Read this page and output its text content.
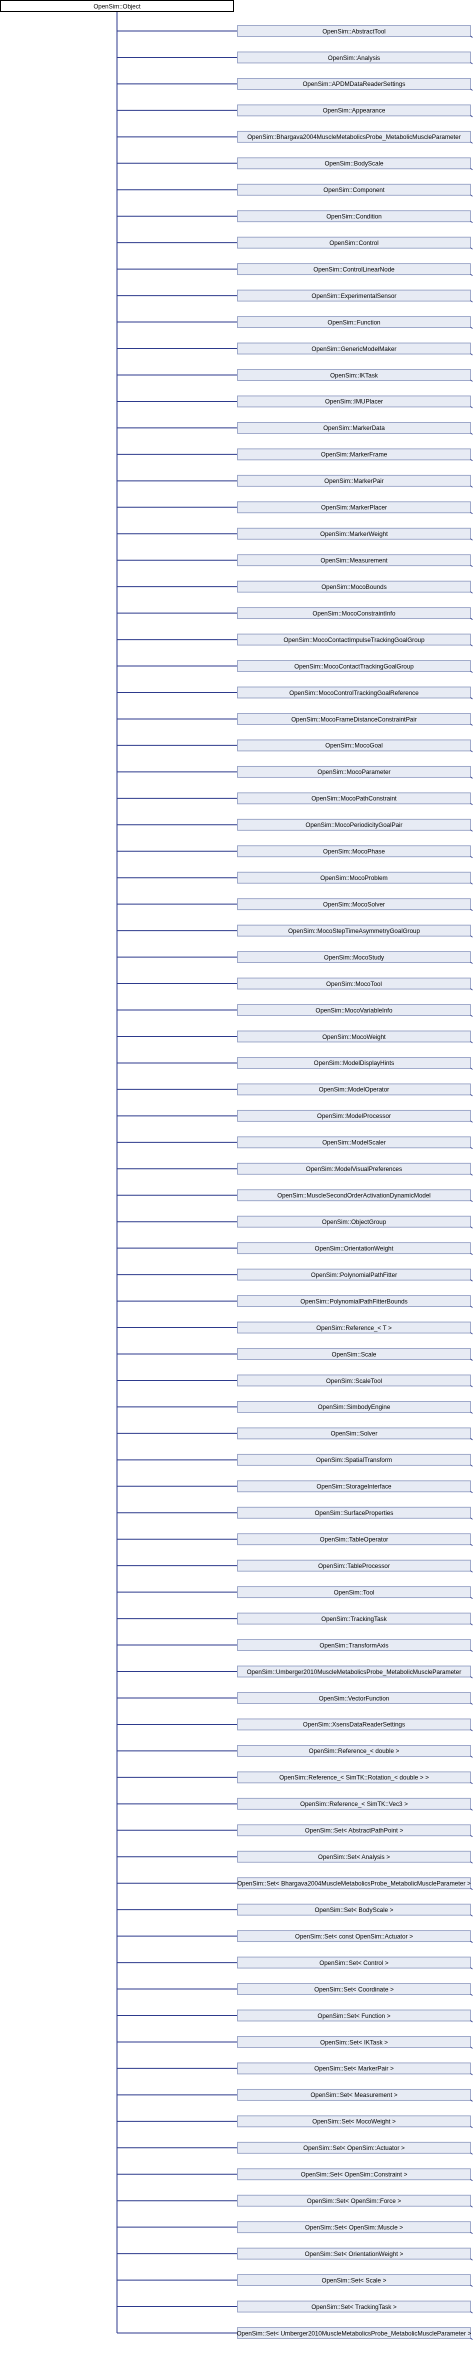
OpenSim::Object
OpenSim::AbstractTool
OpenSim::Analysis
OpenSim::APDMDataReaderSettings
OpenSim::Appearance
OpenSim::Bhargava2004MuscleMetabolicsProbe_MetabolicMuscleParameter
OpenSim::BodyScale
OpenSim::Component
OpenSim::Condition
OpenSim::Control
OpenSim::ControlLinearNode
OpenSim::ExperimentalSensor
OpenSim::Function
OpenSim::GenericModelMaker
OpenSim::IKTask
OpenSim::IMUPlacer
OpenSim::MarkerData
OpenSim::MarkerFrame
OpenSim::MarkerPair
OpenSim::MarkerPlacer
OpenSim::MarkerWeight
OpenSim::Measurement
OpenSim::MocoBounds
OpenSim::MocoConstraintInfo
OpenSim::MocoContactImpulseTrackingGoalGroup
OpenSim::MocoContactTrackingGoalGroup
OpenSim::MocoControlTrackingGoalReference
OpenSim::MocoFrameDistanceConstraintPair
OpenSim::MocoGoal
OpenSim::MocoParameter
OpenSim::MocoPathConstraint
OpenSim::MocoPeriodicityGoalPair
OpenSim::MocoPhase
OpenSim::MocoProblem
OpenSim::MocoSolver
OpenSim::MocoStepTimeAsymmetryGoalGroup
OpenSim::MocoStudy
OpenSim::MocoTool
OpenSim::MocoVariableInfo
OpenSim::MocoWeight
OpenSim::ModelDisplayHints
OpenSim::ModelOperator
OpenSim::ModelProcessor
OpenSim::ModelScaler
OpenSim::ModelVisualPreferences
OpenSim::MuscleSecondOrderActivationDynamicModel
OpenSim::ObjectGroup
OpenSim::OrientationWeight
OpenSim::PolynomialPathFitter
OpenSim::PolynomialPathFitterBounds
OpenSim::Reference_< T >
OpenSim::Scale
OpenSim::ScaleTool
OpenSim::SimbodyEngine
OpenSim::Solver
OpenSim::SpatialTransform
OpenSim::StorageInterface
OpenSim::SurfaceProperties
OpenSim::TableOperator
OpenSim::TableProcessor
OpenSim::Tool
OpenSim::TrackingTask
OpenSim::TransformAxis
OpenSim::Umberger2010MuscleMetabolicsProbe_MetabolicMuscleParameter
OpenSim::VectorFunction
OpenSim::XsensDataReaderSettings
OpenSim::Reference_< double >
OpenSim::Reference_< SimTK::Rotation_< double > >
OpenSim::Reference_< SimTK::Vec3 >
OpenSim::Set< AbstractPathPoint >
OpenSim::Set< Analysis >
OpenSim::Set< Bhargava2004MuscleMetabolicsProbe_MetabolicMuscleParameter >
OpenSim::Set< BodyScale >
OpenSim::Set< const OpenSim::Actuator >
OpenSim::Set< Control >
OpenSim::Set< Coordinate >
OpenSim::Set< Function >
OpenSim::Set< IKTask >
OpenSim::Set< MarkerPair >
OpenSim::Set< Measurement >
OpenSim::Set< MocoWeight >
OpenSim::Set< OpenSim::Actuator >
OpenSim::Set< OpenSim::Constraint >
OpenSim::Set< OpenSim::Force >
OpenSim::Set< OpenSim::Muscle >
OpenSim::Set< OrientationWeight >
OpenSim::Set< Scale >
OpenSim::Set< TrackingTask >
OpenSim::Set< Umberger2010MuscleMetabolicsProbe_MetabolicMuscleParameter >
